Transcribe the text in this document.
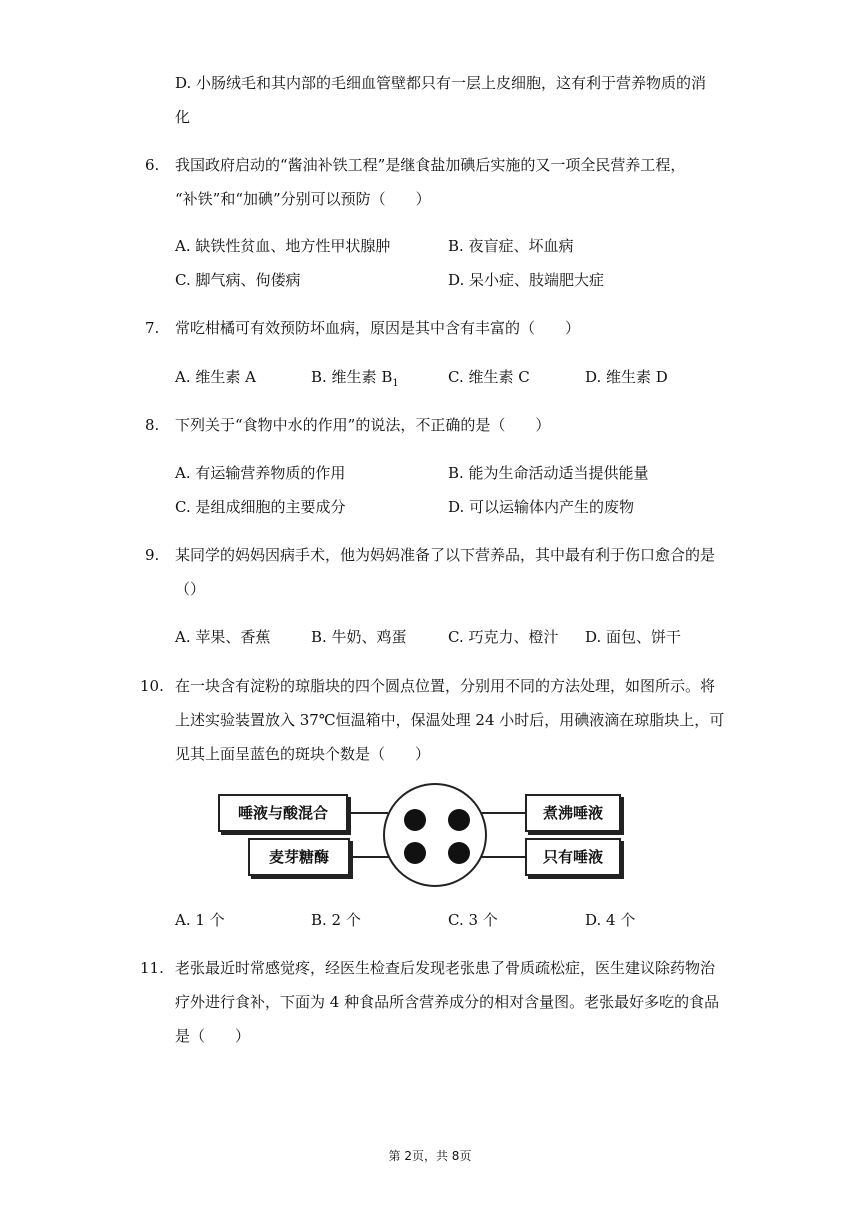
D. 小肠绒毛和其内部的毛细血管壁都只有一层上皮细胞，这有利于营养物质的消
化
6. 我国政府启动的“酱油补铁工程”是继食盐加碘后实施的又一项全民营养工程，
“补铁”和“加碘”分别可以预防（　　）
A. 缺铁性贫血、地方性甲状腺肿	B. 夜盲症、坏血病
C. 脚气病、佝偻病	D. 呆小症、肢端肥大症
7. 常吃柑橘可有效预防坏血病，原因是其中含有丰富的（　　）
A. 维生素 A	B. 维生素 $B_1$	C. 维生素 C	D. 维生素 D
8. 下列关于“食物中水的作用”的说法，不正确的是（　　）
A. 有运输营养物质的作用	B. 能为生命活动适当提供能量
C. 是组成细胞的主要成分	D. 可以运输体内产生的废物
9. 某同学的妈妈因病手术，他为妈妈准备了以下营养品，其中最有利于伤口愈合的是
（）
A. 苹果、香蕉	B. 牛奶、鸡蛋	C. 巧克力、橙汁 D. 面包、饼干
10. 在一块含有淀粉的琼脂块的四个圆点位置，分别用不同的方法处理，如图所示。将
上述实验装置放入 37℃恒温箱中，保温处理 24 小时后，用碘液滴在琼脂块上，可
见其上面呈蓝色的斑块个数是（　　）
唾液与酸混合
麦芽糖酶
煮沸唾液
只有唾液
A. 1 个	B. 2 个	C. 3 个	D. 4 个
11. 老张最近时常感觉疼，经医生检查后发现老张患了骨质疏松症，医生建议除药物治
疗外进行食补，下面为 4 种食品所含营养成分的相对含量图。老张最好多吃的食品
是（　　）
第 2页，共 8页
